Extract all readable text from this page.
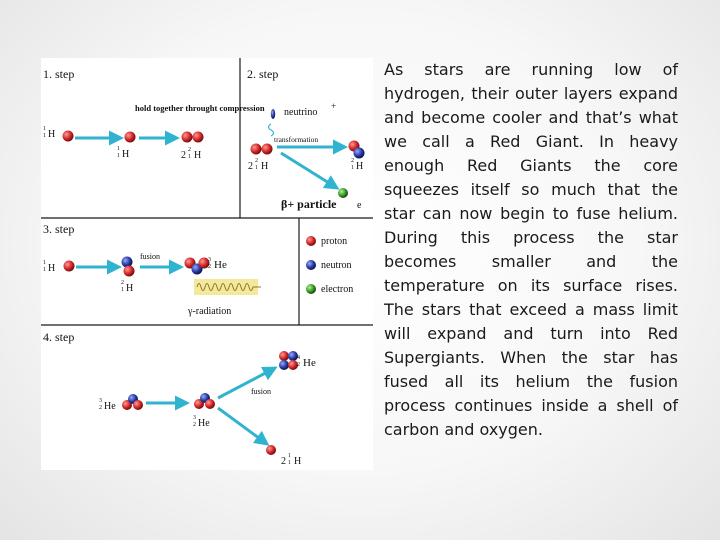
1. step
hold together throught compression
1
1 H
1
1 H	2 2
1 H
2. step
neutrino
+
transformation
2 2
1 H	2
1 H
β+ particle e
3. step
1
1 H
2
1 H
fusion	3
2 He
γ-radiation
proton
neutron
electron
4. step
3
2 He
3
2 He
fusion
4
2 He
2 1
1 H

As stars are running low of hydrogen, their outer layers expand and become cooler and that’s what we call a Red Giant. In heavy enough Red Giants the core squeezes itself so much that the star can now begin to fuse helium. During this process the star becomes smaller and the temperature on its surface rises. The stars that exceed a mass limit will expand and turn into Red Supergiants. When the star has fused all its helium the fusion process continues inside a shell of carbon and oxygen.
